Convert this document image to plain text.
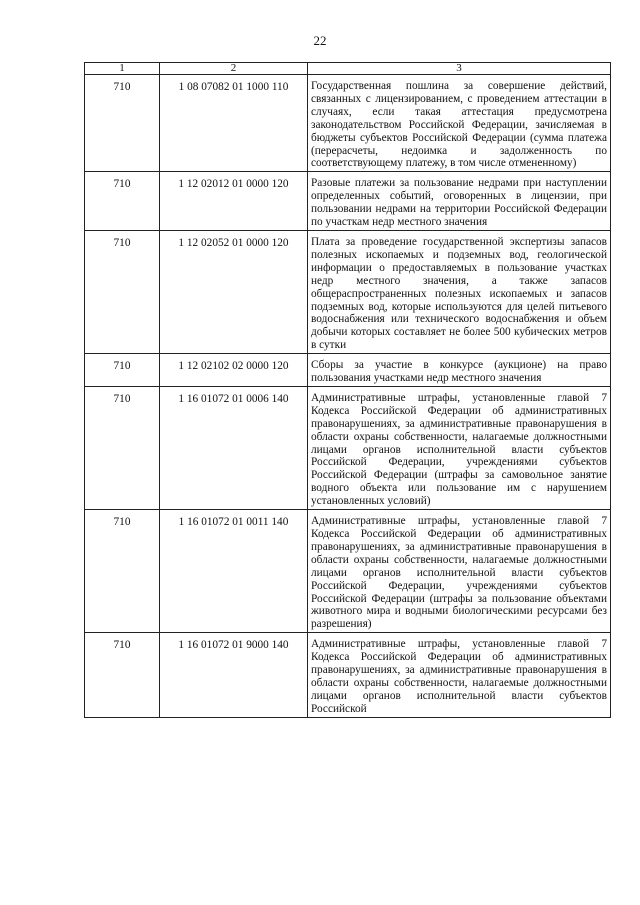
22
1	2	3
710	1 08 07082 01 1000 110	Государственная пошлина за совершение действий, связанных с лицензированием, с проведением аттестации в случаях, если такая аттестация предусмотрена законодательством Российской Федерации, зачисляемая в бюджеты субъектов Российской Федерации (сумма платежа (перерасчеты, недоимка и задолженность по соответствующему платежу, в том числе отмененному)
710	1 12 02012 01 0000 120	Разовые платежи за пользование недрами при наступлении определенных событий, оговоренных в лицензии, при пользовании недрами на территории Российской Федерации по участкам недр местного значения
710	1 12 02052 01 0000 120	Плата за проведение государственной экспертизы запасов полезных ископаемых и подземных вод, геологической информации о предоставляемых в пользование участках недр местного значения, а также запасов общераспространенных полезных ископаемых и запасов подземных вод, которые используются для целей питьевого водоснабжения или технического водоснабжения и объем добычи которых составляет не более 500 кубических метров в сутки
710	1 12 02102 02 0000 120	Сборы за участие в конкурсе (аукционе) на право пользования участками недр местного значения
710	1 16 01072 01 0006 140	Административные штрафы, установленные главой 7 Кодекса Российской Федерации об административных правонарушениях, за административные правонарушения в области охраны собственности, налагаемые должностными лицами органов исполнительной власти субъектов Российской Федерации, учреждениями субъектов Российской Федерации (штрафы за самовольное занятие водного объекта или пользование им с нарушением установленных условий)
710	1 16 01072 01 0011 140	Административные штрафы, установленные главой 7 Кодекса Российской Федерации об административных правонарушениях, за административные правонарушения в области охраны собственности, налагаемые должностными лицами органов исполнительной власти субъектов Российской Федерации, учреждениями субъектов Российской Федерации (штрафы за пользование объектами животного мира и водными биологическими ресурсами без разрешения)
710	1 16 01072 01 9000 140	Административные штрафы, установленные главой 7 Кодекса Российской Федерации об административных правонарушениях, за административные правонарушения в области охраны собственности, налагаемые должностными лицами органов исполнительной власти субъектов Российской
